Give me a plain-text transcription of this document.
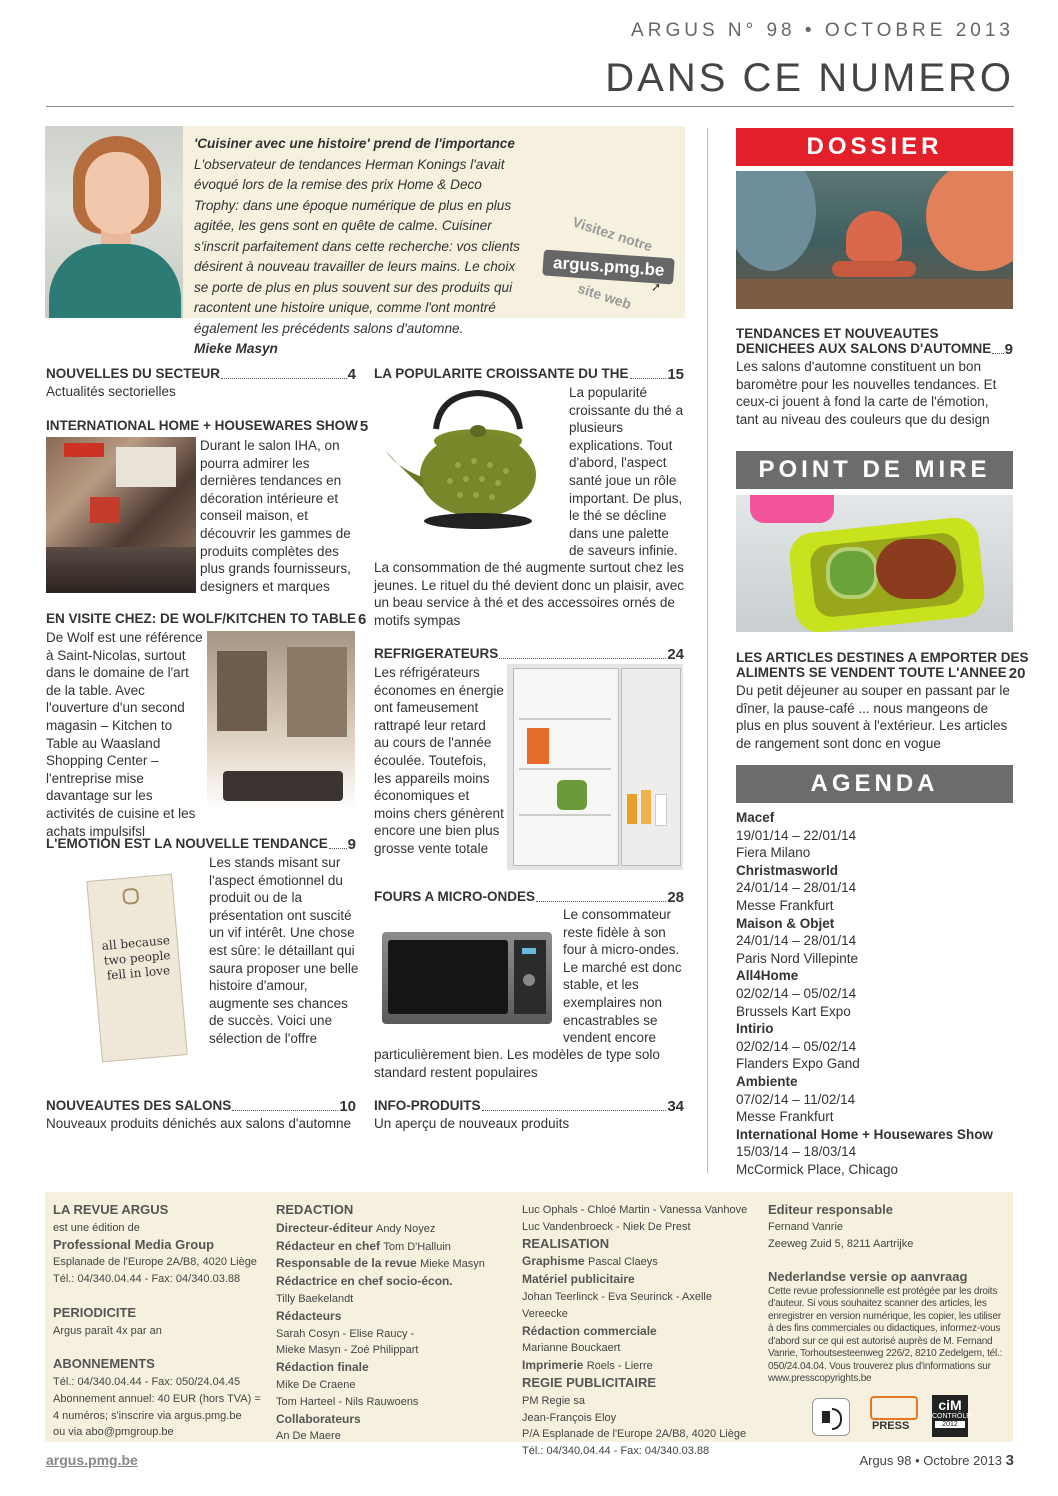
ARGUS N° 98 • OCTOBRE 2013
DANS CE NUMERO
'Cuisiner avec une histoire' prend de l'importance
L'observateur de tendances Herman Konings l'avait évoqué lors de la remise des prix Home & Deco Trophy: dans une époque numérique de plus en plus agitée, les gens sont en quête de calme. Cuisiner s'inscrit parfaitement dans cette recherche: vos clients désirent à nouveau travailler de leurs mains. Le choix se porte de plus en plus souvent sur des produits qui racontent une histoire unique, comme l'ont montré également les précédents salons d'automne.
Mieke Masyn
Visitez notre
argus.pmg.be
site web ➚
NOUVELLES DU SECTEUR	4
Actualités sectorielles
INTERNATIONAL HOME + HOUSEWARES SHOW 5
Durant le salon IHA, on pourra admirer les dernières tendances en décoration intérieure et conseil maison, et découvrir les gammes de produits complètes des plus grands fournisseurs, designers et marques
EN VISITE CHEZ: DE WOLF/KITCHEN TO TABLE 6
De Wolf est une référence à Saint-Nicolas, surtout dans le domaine de l'art de la table. Avec l'ouverture d'un second magasin – Kitchen to Table au Waasland Shopping Center – l'entreprise mise davantage sur les activités de cuisine et les achats impulsifsl
L'EMOTION EST LA NOUVELLE TENDANCE 9
all because two people fell in love
Les stands misant sur l'aspect émotionnel du produit ou de la présentation ont suscité un vif intérêt. Une chose est sûre: le détaillant qui saura proposer une belle histoire d'amour, augmente ses chances de succès. Voici une sélection de l'offre
NOUVEAUTES DES SALONS	10
Nouveaux produits dénichés aux salons d'automne
LA POPULARITE CROISSANTE DU THE	15
La popularité croissante du thé a plusieurs explications. Tout d'abord, l'aspect santé joue un rôle important. De plus, le thé se décline dans une palette de saveurs infinie.
La consommation de thé augmente surtout chez les jeunes. Le rituel du thé devient donc un plaisir, avec un beau service à thé et des accessoires ornés de motifs sympas
REFRIGERATEURS	24
Les réfrigérateurs économes en énergie ont fameusement rattrapé leur retard au cours de l'année écoulée. Toutefois, les appareils moins économiques et moins chers génèrent encore une bien plus grosse vente totale
FOURS A MICRO-ONDES	28
Le consommateur reste fidèle à son four à micro-ondes. Le marché est donc stable, et les exemplaires non encastrables se vendent encore
particulièrement bien. Les modèles de type solo standard restent populaires
INFO-PRODUITS	34
Un aperçu de nouveaux produits
DOSSIER
TENDANCES ET NOUVEAUTES
DENICHEES AUX SALONS D'AUTOMNE 9
Les salons d'automne constituent un bon baromètre pour les nouvelles tendances. Et ceux-ci jouent à fond la carte de l'émotion, tant au niveau des couleurs que du design
POINT DE MIRE
LES ARTICLES DESTINES A EMPORTER DES
ALIMENTS SE VENDENT TOUTE L'ANNEE 20
Du petit déjeuner au souper en passant par le dîner, la pause-café ... nous mangeons de plus en plus souvent à l'extérieur. Les articles de rangement sont donc en vogue
AGENDA
Macef
19/01/14 – 22/01/14
Fiera Milano
Christmasworld
24/01/14 – 28/01/14
Messe Frankfurt
Maison & Objet
24/01/14 – 28/01/14
Paris Nord Villepinte
All4Home
02/02/14 – 05/02/14
Brussels Kart Expo
Intirio
02/02/14 – 05/02/14
Flanders Expo Gand
Ambiente
07/02/14 – 11/02/14
Messe Frankfurt
International Home + Housewares Show
15/03/14 – 18/03/14
McCormick Place, Chicago
LA REVUE ARGUS
est une édition de
Professional Media Group
Esplanade de l'Europe 2A/B8, 4020 Liège
Tél.: 04/340.04.44 - Fax: 04/340.03.88

PERIODICITE
Argus paraît 4x par an

ABONNEMENTS
Tél.: 04/340.04.44 - Fax: 050/24.04.45
Abonnement annuel: 40 EUR (hors TVA) =
4 numéros; s'inscrire via argus.pmg.be
ou via abo@pmgroup.be
REDACTION
Directeur-éditeur Andy Noyez
Rédacteur en chef Tom D'Halluin
Responsable de la revue Mieke Masyn
Rédactrice en chef socio-écon.
Tilly Baekelandt
Rédacteurs
Sarah Cosyn - Elise Raucy -
Mieke Masyn - Zoé Philippart
Rédaction finale
Mike De Craene
Tom Harteel - Nils Rauwoens
Collaborateurs
An De Maere
Luc Ophals - Chloé Martin - Vanessa Vanhove
Luc Vandenbroeck - Niek De Prest
REALISATION
Graphisme Pascal Claeys
Matériel publicitaire
Johan Teerlinck - Eva Seurinck - Axelle Vereecke
Rédaction commerciale
Marianne Bouckaert
Imprimerie Roels - Lierre
REGIE PUBLICITAIRE
PM Regie sa
Jean-François Eloy
P/A Esplanade de l'Europe 2A/B8, 4020 Liège
Tél.: 04/340.04.44 - Fax: 04/340.03.88
Editeur responsable
Fernand Vanrie
Zeeweg Zuid 5, 8211 Aartrijke

Nederlandse versie op aanvraag
Cette revue professionnelle est protégée par les droits d'auteur. Si vous souhaitez scanner des articles, les enregistrer en version numérique, les copier, les utiliser à des fins commerciales ou didactiques, informez-vous d'abord sur ce qui est autorisé auprès de M. Fernand Vanrie, Torhoutsesteenweg 226/2, 8210 Zedelgem, tél.: 050/24.04.04. Vous trouverez plus d'informations sur www.presscopyrights.be
PRESS
ciM
CONTRÔLE
2012
argus.pmg.be	Argus 98 • Octobre 2013 3
